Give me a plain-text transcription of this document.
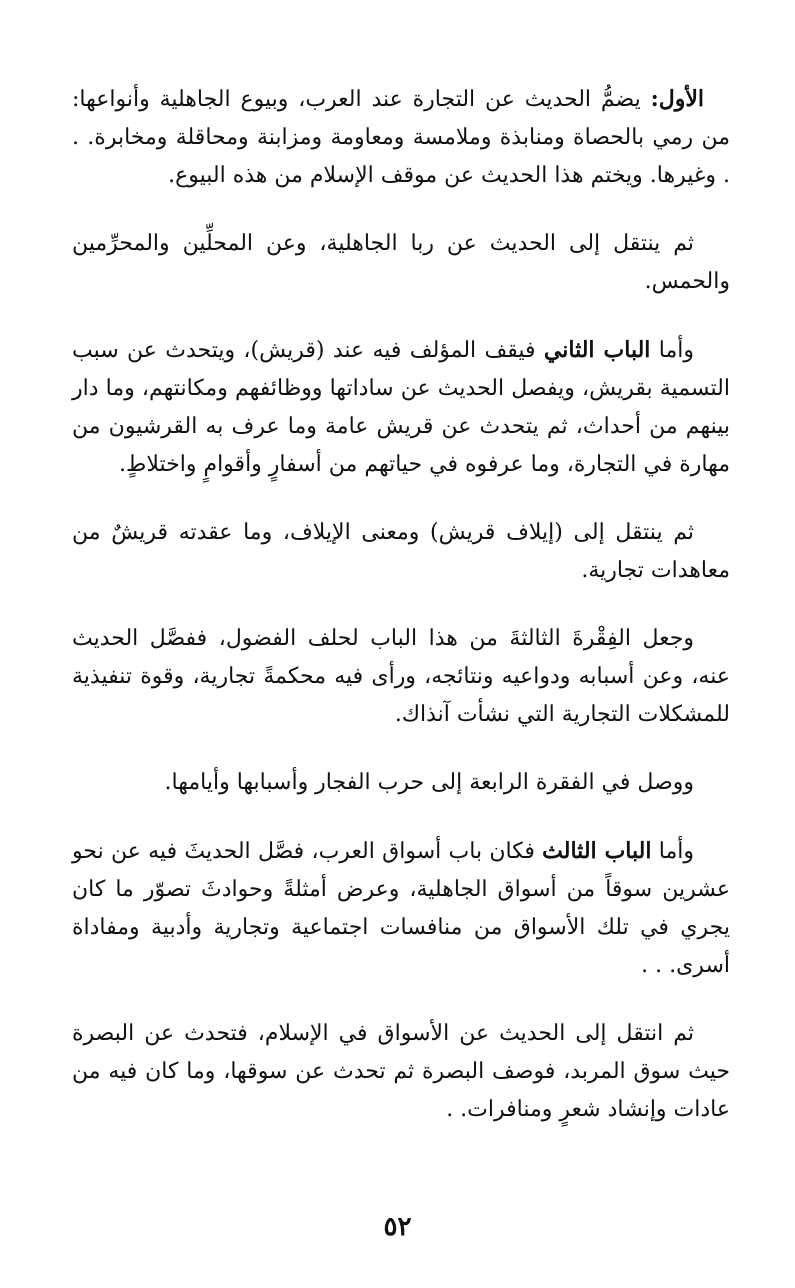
الأول: يضمُّ الحديث عن التجارة عند العرب، وبيوع الجاهلية وأنواعها: من رمي بالحصاة ومنابذة وملامسة ومعاومة ومزابنة ومحاقلة ومخابرة. . . وغيرها. ويختم هذا الحديث عن موقف الإسلام من هذه البيوع.

ثم ينتقل إلى الحديث عن ربا الجاهلية، وعن المحلِّين والمحرِّمين والحمس.

وأما الباب الثاني فيقف المؤلف فيه عند (قريش)، ويتحدث عن سبب التسمية بقريش، ويفصل الحديث عن ساداتها ووظائفهم ومكانتهم، وما دار بينهم من أحداث، ثم يتحدث عن قريش عامة وما عرف به القرشيون من مهارة في التجارة، وما عرفوه في حياتهم من أسفارٍ وأقوامٍ واختلاطٍ.

ثم ينتقل إلى (إيلاف قريش) ومعنى الإيلاف، وما عقدته قريشٌ من معاهدات تجارية.

وجعل الفِقْرةَ الثالثةَ من هذا الباب لحلف الفضول، ففصَّل الحديث عنه، وعن أسبابه ودواعيه ونتائجه، ورأى فيه محكمةً تجارية، وقوة تنفيذية للمشكلات التجارية التي نشأت آنذاك.

ووصل في الفقرة الرابعة إلى حرب الفجار وأسبابها وأيامها.

وأما الباب الثالث فكان باب أسواق العرب، فصَّل الحديثَ فيه عن نحو عشرين سوقاً من أسواق الجاهلية، وعرض أمثلةً وحوادثَ تصوّر ما كان يجري في تلك الأسواق من منافسات اجتماعية وتجارية وأدبية ومفاداة أسرى. . .

ثم انتقل إلى الحديث عن الأسواق في الإسلام، فتحدث عن البصرة حيث سوق المربد، فوصف البصرة ثم تحدث عن سوقها، وما كان فيه من عادات وإنشاد شعرٍ ومنافرات. .

٥٢
